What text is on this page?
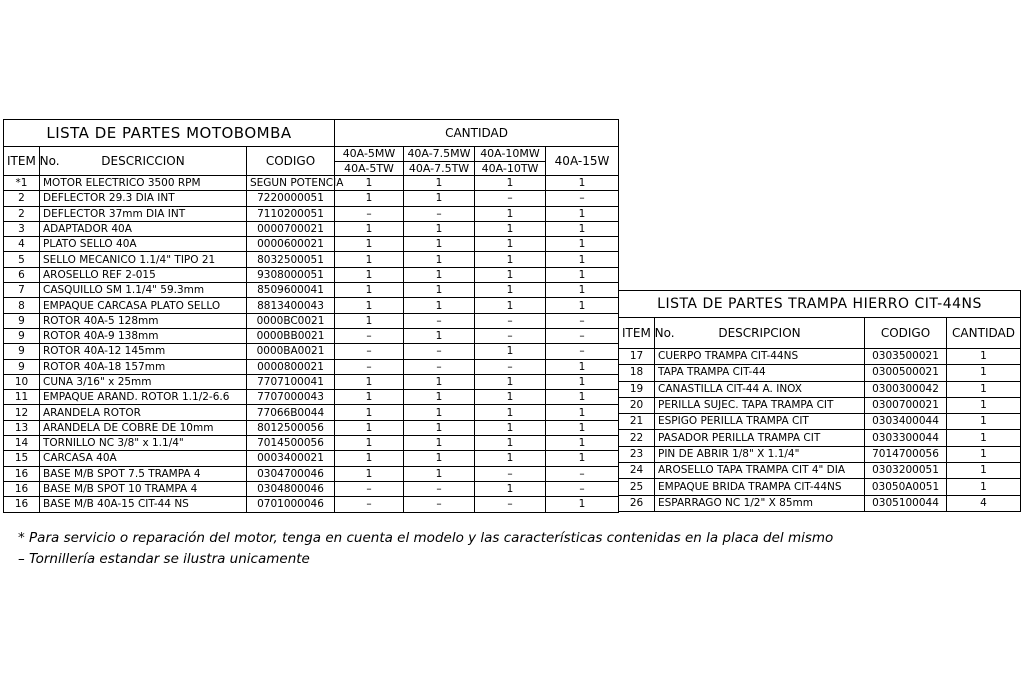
LISTA DE PARTES MOTOBOMBA			CANTIDAD			
ITEM No.	DESCRICCION	CODIGO	40A-5MW	40A-7.5MW	40A-10MW	40A-15W
			40A-5TW	40A-7.5TW	40A-10TW	
*1	MOTOR ELECTRICO 3500 RPM	SEGUN POTENCIA	1	1	1	1
2	DEFLECTOR 29.3 DIA INT	7220000051	1	1	–	–
2	DEFLECTOR 37mm DIA INT	7110200051	–	–	1	1
3	ADAPTADOR 40A	0000700021	1	1	1	1
4	PLATO SELLO 40A	0000600021	1	1	1	1
5	SELLO MECANICO 1.1/4" TIPO 21	8032500051	1	1	1	1
6	AROSELLO REF 2-015	9308000051	1	1	1	1
7	CASQUILLO SM 1.1/4" 59.3mm	8509600041	1	1	1	1
8	EMPAQUE CARCASA PLATO SELLO	8813400043	1	1	1	1
9	ROTOR 40A-5 128mm	0000BC0021	1	–	–	–
9	ROTOR 40A-9 138mm	0000BB0021	–	1	–	–
9	ROTOR 40A-12 145mm	0000BA0021	–	–	1	–
9	ROTOR 40A-18 157mm	0000800021	–	–	–	1
10	CUNA 3/16" x 25mm	7707100041	1	1	1	1
11	EMPAQUE ARAND. ROTOR 1.1/2-6.6	7707000043	1	1	1	1
12	ARANDELA ROTOR	77066B0044	1	1	1	1
13	ARANDELA DE COBRE DE 10mm	8012500056	1	1	1	1
14	TORNILLO NC 3/8" x 1.1/4"	7014500056	1	1	1	1
15	CARCASA 40A	0003400021	1	1	1	1
16	BASE M/B SPOT 7.5 TRAMPA 4	0304700046	1	1	–	–
16	BASE M/B SPOT 10 TRAMPA 4	0304800046	–	–	1	–
16	BASE M/B 40A-15 CIT-44 NS	0701000046	–	–	–	1
LISTA DE PARTES TRAMPA HIERRO CIT-44NS			
ITEM No.	DESCRIPCION	CODIGO	CANTIDAD
17	CUERPO TRAMPA CIT-44NS	0303500021	1
18	TAPA TRAMPA CIT-44	0300500021	1
19	CANASTILLA CIT-44 A. INOX	0300300042	1
20	PERILLA SUJEC. TAPA TRAMPA CIT	0300700021	1
21	ESPIGO PERILLA TRAMPA CIT	0303400044	1
22	PASADOR PERILLA TRAMPA CIT	0303300044	1
23	PIN DE ABRIR 1/8" X 1.1/4"	7014700056	1
24	AROSELLO TAPA TRAMPA CIT 4" DIA	0303200051	1
25	EMPAQUE BRIDA TRAMPA CIT-44NS	03050A0051	1
26	ESPARRAGO NC 1/2" X 85mm	0305100044	4
* Para servicio o reparación del motor, tenga en cuenta el modelo y las características contenidas en la placa del mismo
– Tornillería estandar se ilustra unicamente
